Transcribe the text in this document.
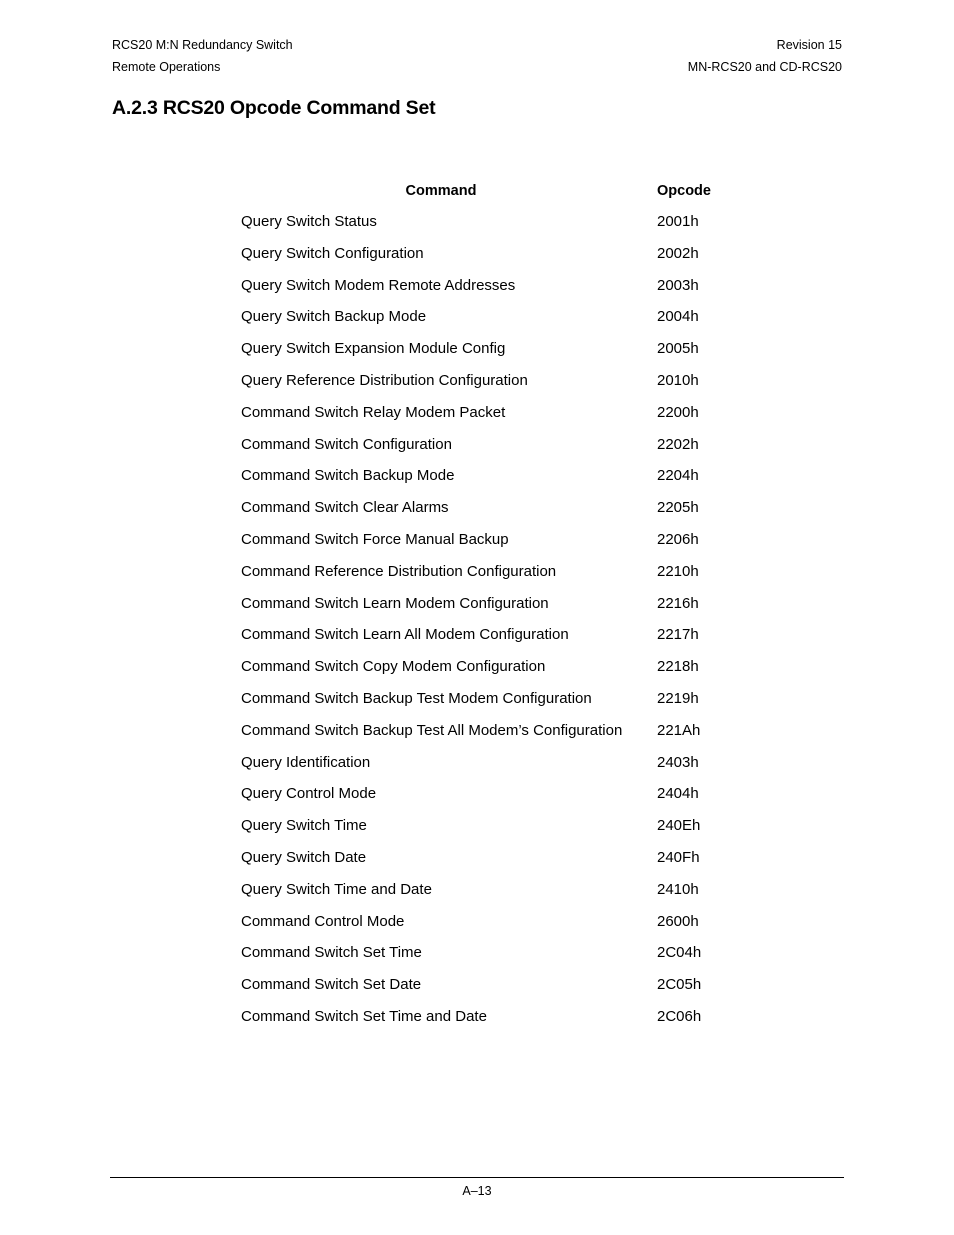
RCS20 M:N Redundancy Switch
Remote Operations
Revision 15
MN-RCS20 and CD-RCS20
A.2.3 RCS20 Opcode Command Set
Command	Opcode
Query Switch Status	2001h
Query Switch Configuration	2002h
Query Switch Modem Remote Addresses	2003h
Query Switch Backup Mode	2004h
Query Switch Expansion Module Config	2005h
Query Reference Distribution Configuration	2010h
Command Switch Relay Modem Packet	2200h
Command Switch Configuration	2202h
Command Switch Backup Mode	2204h
Command Switch Clear Alarms	2205h
Command Switch Force Manual Backup	2206h
Command Reference Distribution Configuration	2210h
Command Switch Learn Modem Configuration	2216h
Command Switch Learn All Modem Configuration	2217h
Command Switch Copy Modem Configuration	2218h
Command Switch Backup Test Modem Configuration	2219h
Command Switch Backup Test All Modem’s Configuration 221Ah
Query Identification	2403h
Query Control Mode	2404h
Query Switch Time	240Eh
Query Switch Date	240Fh
Query Switch Time and Date	2410h
Command Control Mode	2600h
Command Switch Set Time	2C04h
Command Switch Set Date	2C05h
Command Switch Set Time and Date	2C06h
A–13
